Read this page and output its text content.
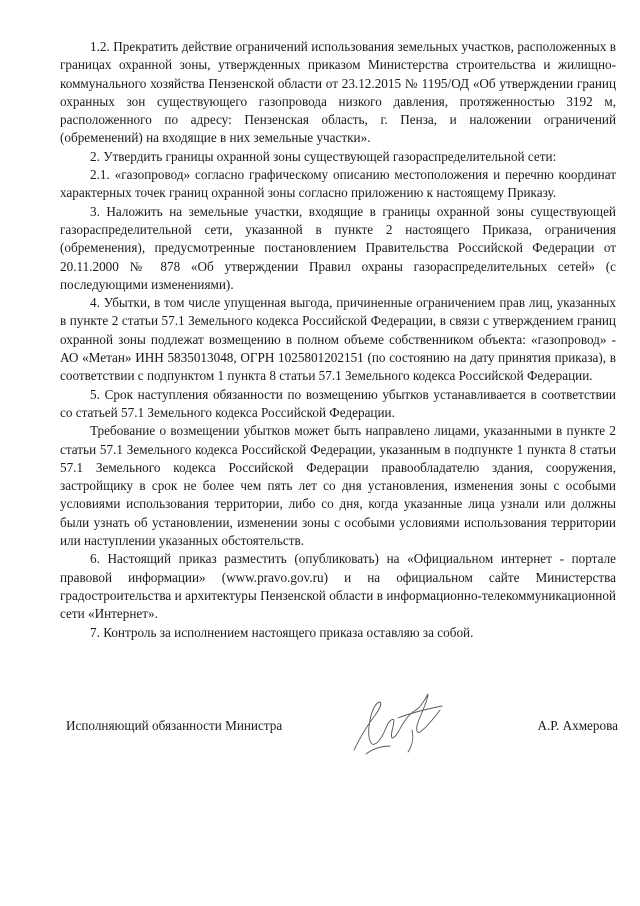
1.2. Прекратить действие ограничений использования земельных участков, расположенных в границах охранной зоны, утвержденных приказом Министерства строительства и жилищно-коммунального хозяйства Пензенской области от 23.12.2015 № 1195/ОД «Об утверждении границ охранных зон существующего газопровода низкого давления, протяженностью 3192 м, расположенного по адресу: Пензенская область, г. Пенза, и наложении ограничений (обременений) на входящие в них земельные участки».

2. Утвердить границы охранной зоны существующей газораспределительной сети:

2.1. «газопровод» согласно графическому описанию местоположения и перечню координат характерных точек границ охранной зоны согласно приложению к настоящему Приказу.

3. Наложить на земельные участки, входящие в границы охранной зоны существующей газораспределительной сети, указанной в пункте 2 настоящего Приказа, ограничения (обременения), предусмотренные постановлением Правительства Российской Федерации от 20.11.2000 № 878 «Об утверждении Правил охраны газораспределительных сетей» (с последующими изменениями).

4. Убытки, в том числе упущенная выгода, причиненные ограничением прав лиц, указанных в пункте 2 статьи 57.1 Земельного кодекса Российской Федерации, в связи с утверждением границ охранной зоны подлежат возмещению в полном объеме собственником объекта: «газопровод» - АО «Метан» ИНН 5835013048, ОГРН 1025801202151 (по состоянию на дату принятия приказа), в соответствии с подпунктом 1 пункта 8 статьи 57.1 Земельного кодекса Российской Федерации.

5. Срок наступления обязанности по возмещению убытков устанавливается в соответствии со статьей 57.1 Земельного кодекса Российской Федерации.

Требование о возмещении убытков может быть направлено лицами, указанными в пункте 2 статьи 57.1 Земельного кодекса Российской Федерации, указанным в подпункте 1 пункта 8 статьи 57.1 Земельного кодекса Российской Федерации правообладателю здания, сооружения, застройщику в срок не более чем пять лет со дня установления, изменения зоны с особыми условиями использования территории, либо со дня, когда указанные лица узнали или должны были узнать об установлении, изменении зоны с особыми условиями использования территории или наступлении указанных обстоятельств.

6. Настоящий приказ разместить (опубликовать) на «Официальном интернет - портале правовой информации» (www.pravo.gov.ru) и на официальном сайте Министерства градостроительства и архитектуры Пензенской области в информационно-телекоммуникационной сети «Интернет».

7. Контроль за исполнением настоящего приказа оставляю за собой.

Исполняющий обязанности Министра	А.Р. Ахмерова
